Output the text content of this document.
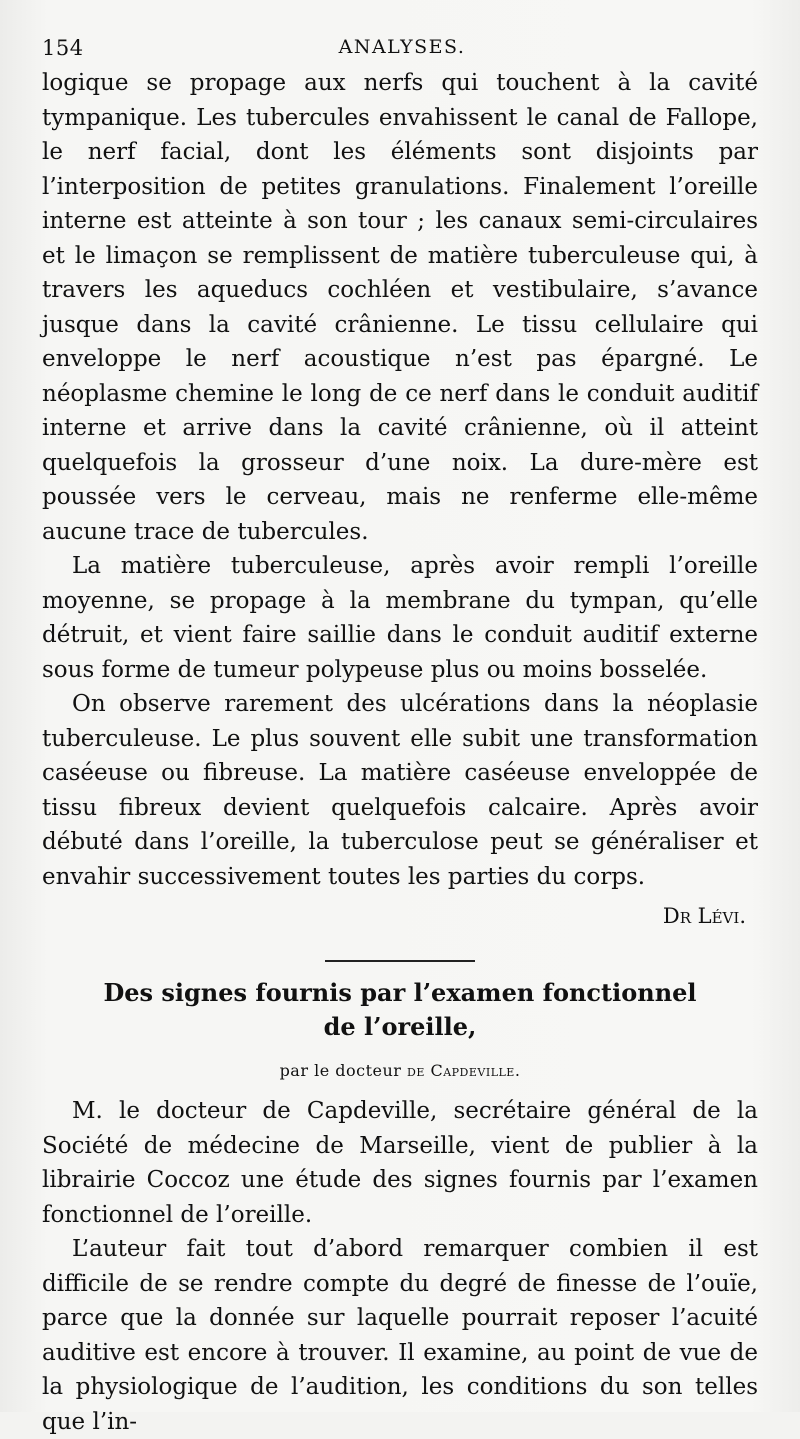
154	ANALYSES.

logique se propage aux nerfs qui touchent à la cavité tympanique. Les tubercules envahissent le canal de Fallope, le nerf facial, dont les éléments sont disjoints par l’interposition de petites granulations. Finalement l’oreille interne est atteinte à son tour ; les canaux semi-circulaires et le limaçon se remplissent de matière tuberculeuse qui, à travers les aqueducs cochléen et vestibulaire, s’avance jusque dans la cavité crânienne. Le tissu cellulaire qui enveloppe le nerf acoustique n’est pas épargné. Le néoplasme chemine le long de ce nerf dans le conduit auditif interne et arrive dans la cavité crânienne, où il atteint quelquefois la grosseur d’une noix. La dure-mère est poussée vers le cerveau, mais ne renferme elle-même aucune trace de tubercules.

La matière tuberculeuse, après avoir rempli l’oreille moyenne, se propage à la membrane du tympan, qu’elle détruit, et vient faire saillie dans le conduit auditif externe sous forme de tumeur polypeuse plus ou moins bosselée.

On observe rarement des ulcérations dans la néoplasie tuberculeuse. Le plus souvent elle subit une transformation caséeuse ou fibreuse. La matière caséeuse enveloppée de tissu fibreux devient quelquefois calcaire. Après avoir débuté dans l’oreille, la tuberculose peut se généraliser et envahir successivement toutes les parties du corps.

Dr Lévi.

Des signes fournis par l’examen fonctionnel

de l’oreille,

par le docteur de Capdeville.

M. le docteur de Capdeville, secrétaire général de la Société de médecine de Marseille, vient de publier à la librairie Coccoz une étude des signes fournis par l’examen fonctionnel de l’oreille.

L’auteur fait tout d’abord remarquer combien il est difficile de se rendre compte du degré de finesse de l’ouïe, parce que la donnée sur laquelle pourrait reposer l’acuité auditive est encore à trouver. Il examine, au point de vue de la physiologique de l’audition, les conditions du son telles que l’in-
